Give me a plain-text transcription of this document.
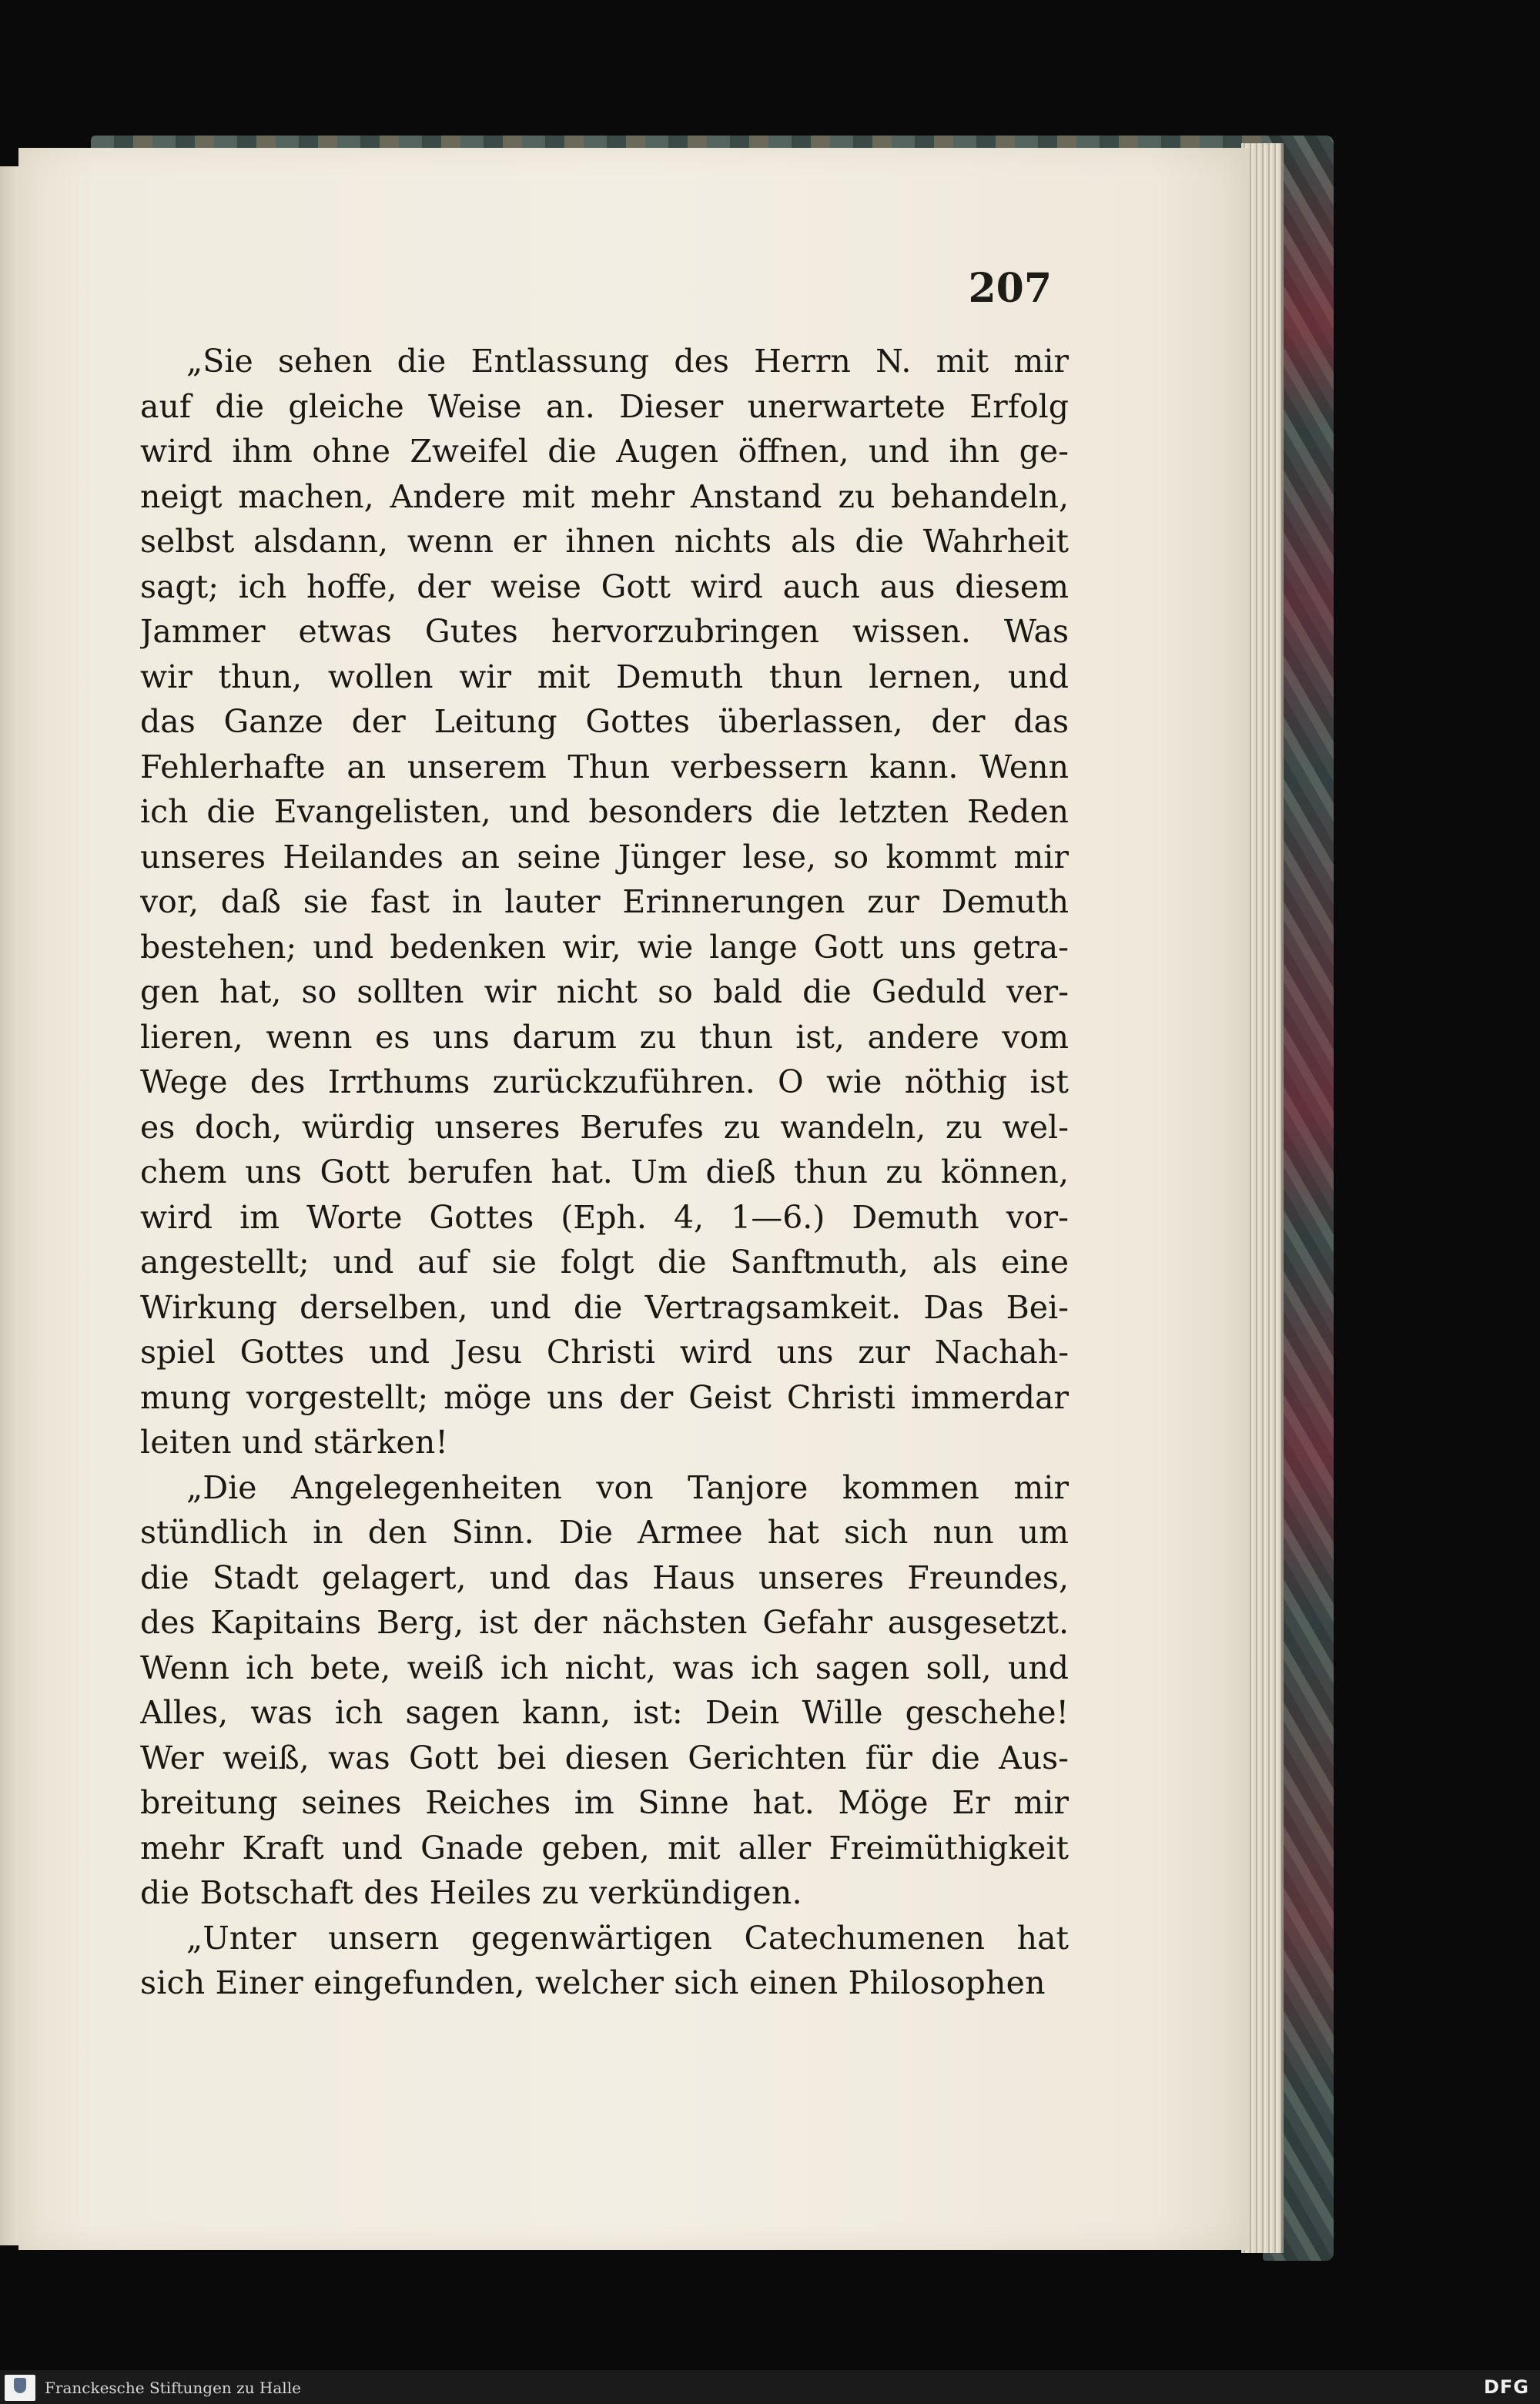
207

„Sie sehen die Entlassung des Herrn N. mit mir
auf die gleiche Weise an. Dieser unerwartete Erfolg
wird ihm ohne Zweifel die Augen öffnen, und ihn ge-
neigt machen, Andere mit mehr Anstand zu behandeln,
selbst alsdann, wenn er ihnen nichts als die Wahrheit
sagt; ich hoffe, der weise Gott wird auch aus diesem
Jammer etwas Gutes hervorzubringen wissen. Was
wir thun, wollen wir mit Demuth thun lernen, und
das Ganze der Leitung Gottes überlassen, der das
Fehlerhafte an unserem Thun verbessern kann. Wenn
ich die Evangelisten, und besonders die letzten Reden
unseres Heilandes an seine Jünger lese, so kommt mir
vor, daß sie fast in lauter Erinnerungen zur Demuth
bestehen; und bedenken wir, wie lange Gott uns getra-
gen hat, so sollten wir nicht so bald die Geduld ver-
lieren, wenn es uns darum zu thun ist, andere vom
Wege des Irrthums zurückzuführen. O wie nöthig ist
es doch, würdig unseres Berufes zu wandeln, zu wel-
chem uns Gott berufen hat. Um dieß thun zu können,
wird im Worte Gottes (Eph. 4, 1—6.) Demuth vor-
angestellt; und auf sie folgt die Sanftmuth, als eine
Wirkung derselben, und die Vertragsamkeit. Das Bei-
spiel Gottes und Jesu Christi wird uns zur Nachah-
mung vorgestellt; möge uns der Geist Christi immerdar
leiten und stärken!

„Die Angelegenheiten von Tanjore kommen mir
stündlich in den Sinn. Die Armee hat sich nun um
die Stadt gelagert, und das Haus unseres Freundes,
des Kapitains Berg, ist der nächsten Gefahr ausgesetzt.
Wenn ich bete, weiß ich nicht, was ich sagen soll, und
Alles, was ich sagen kann, ist: Dein Wille geschehe!
Wer weiß, was Gott bei diesen Gerichten für die Aus-
breitung seines Reiches im Sinne hat. Möge Er mir
mehr Kraft und Gnade geben, mit aller Freimüthigkeit
die Botschaft des Heiles zu verkündigen.

„Unter unsern gegenwärtigen Catechumenen hat
sich Einer eingefunden, welcher sich einen Philosophen

Franckesche Stiftungen zu Halle	DFG
